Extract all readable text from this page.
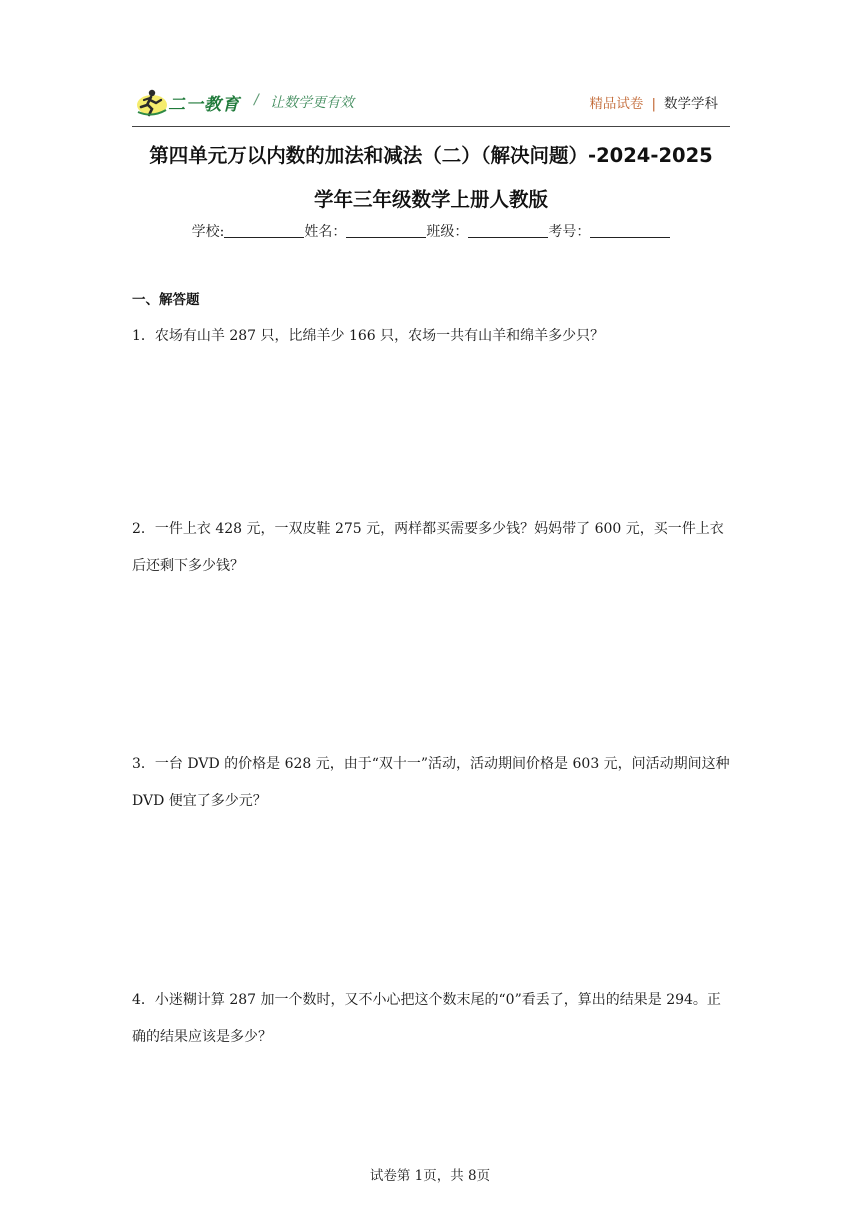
二一教育 / 让数学更有效	精品试卷 | 数学学科
第四单元万以内数的加法和减法（二）（解决问题）-2024-2025
学年三年级数学上册人教版
学校:	姓名：	班级：	考号：
一、解答题
1．农场有山羊 287 只，比绵羊少 166 只，农场一共有山羊和绵羊多少只？
2．一件上衣 428 元，一双皮鞋 275 元，两样都买需要多少钱？妈妈带了 600 元，买一件上衣后还剩下多少钱？
3．一台 DVD 的价格是 628 元，由于“双十一”活动，活动期间价格是 603 元，问活动期间这种 DVD 便宜了多少元？
4．小迷糊计算 287 加一个数时，又不小心把这个数末尾的“0”看丢了，算出的结果是 294。正确的结果应该是多少？
试卷第 1页，共 8页
